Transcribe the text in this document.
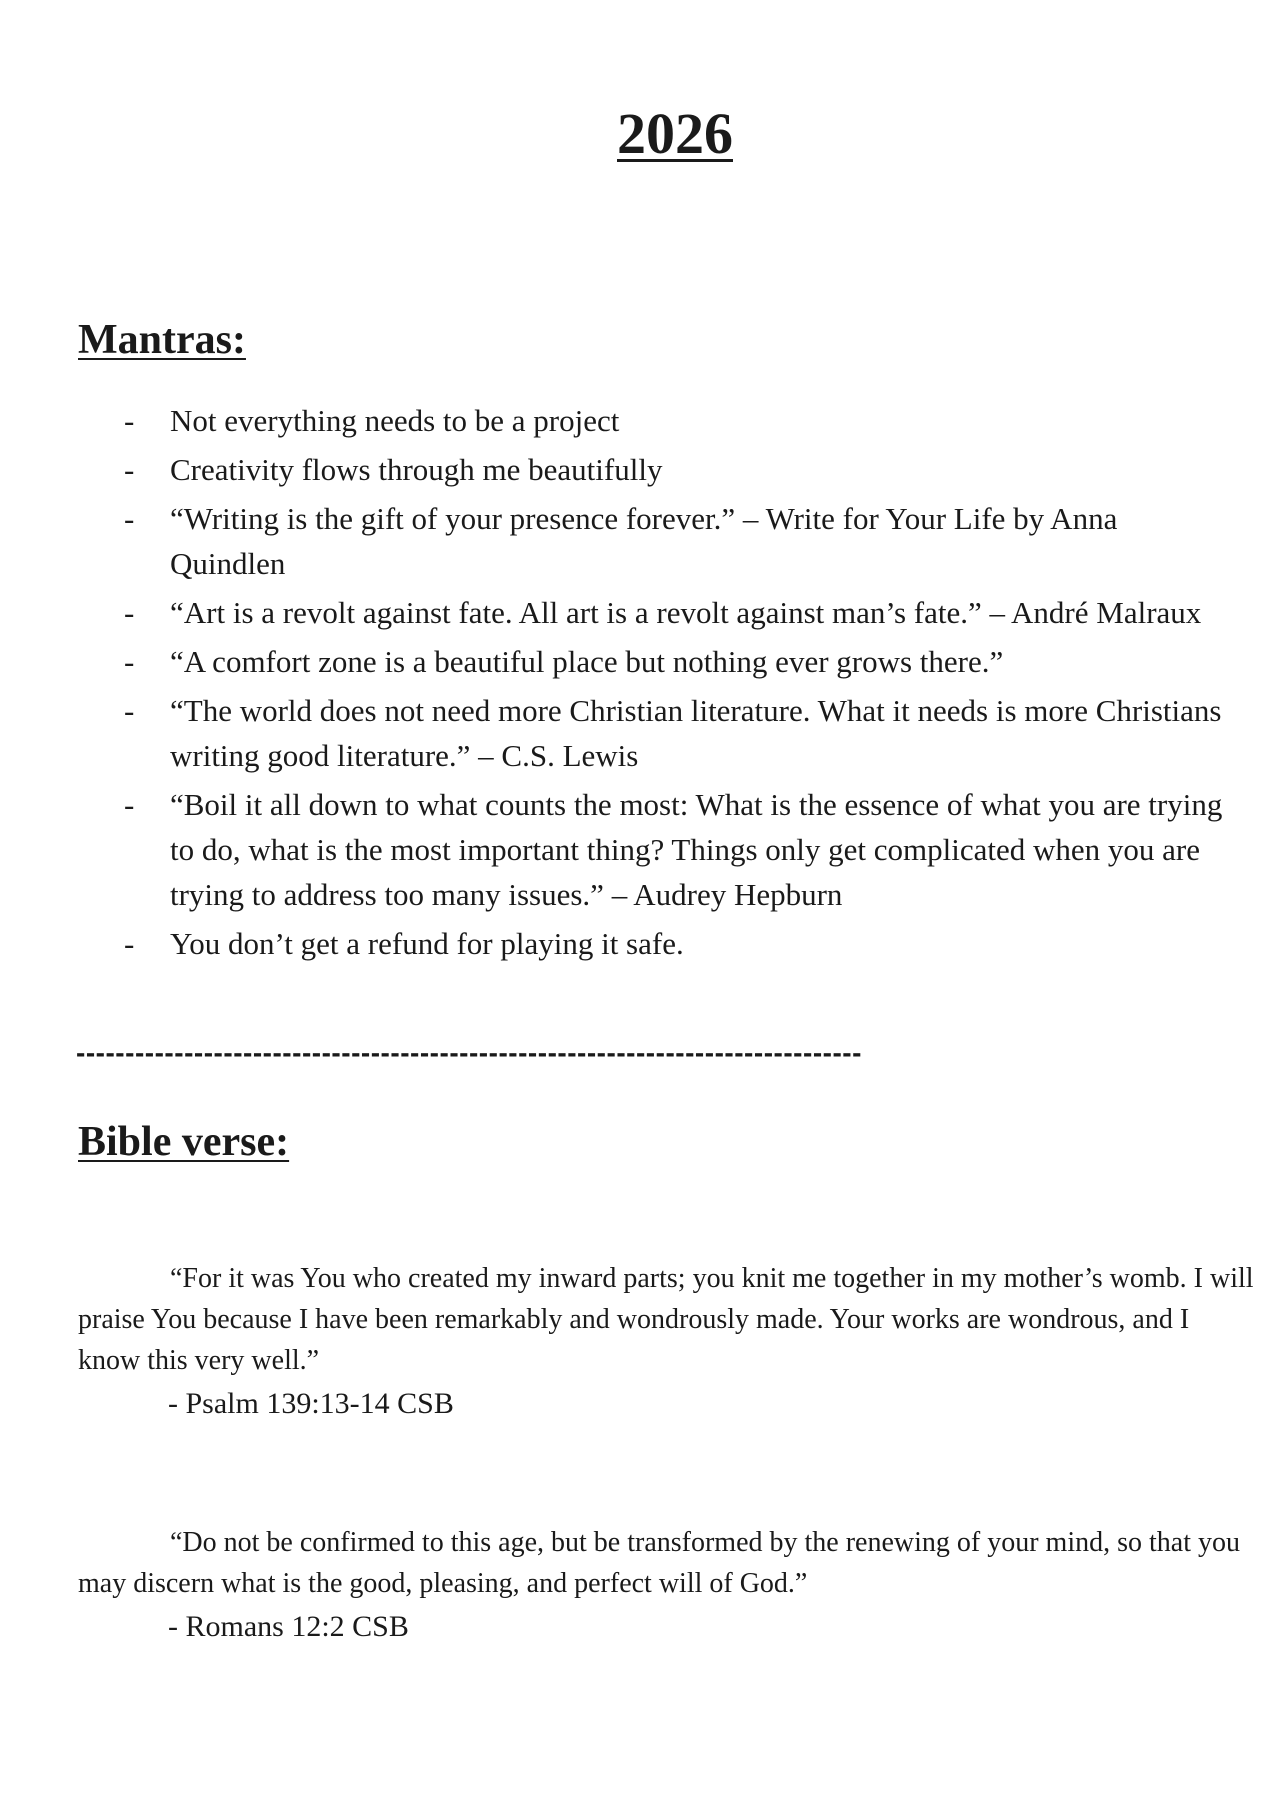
2026
Mantras:
- Not everything needs to be a project
- Creativity flows through me beautifully
- “Writing is the gift of your presence forever.” – Write for Your Life by Anna Quindlen
- “Art is a revolt against fate. All art is a revolt against man’s fate.” – André Malraux
- “A comfort zone is a beautiful place but nothing ever grows there.”
- “The world does not need more Christian literature. What it needs is more Christians writing good literature.” – C.S. Lewis
- “Boil it all down to what counts the most: What is the essence of what you are trying to do, what is the most important thing? Things only get complicated when you are trying to address too many issues.” – Audrey Hepburn
- You don’t get a refund for playing it safe.
--------------------------------------------------------------------------------
Bible verse:

“For it was You who created my inward parts; you knit me together in my mother’s womb. I will praise You because I have been remarkably and wondrously made. Your works are wondrous, and I know this very well.”

- Psalm 139:13-14 CSB

“Do not be confirmed to this age, but be transformed by the renewing of your mind, so that you may discern what is the good, pleasing, and perfect will of God.”

- Romans 12:2 CSB
